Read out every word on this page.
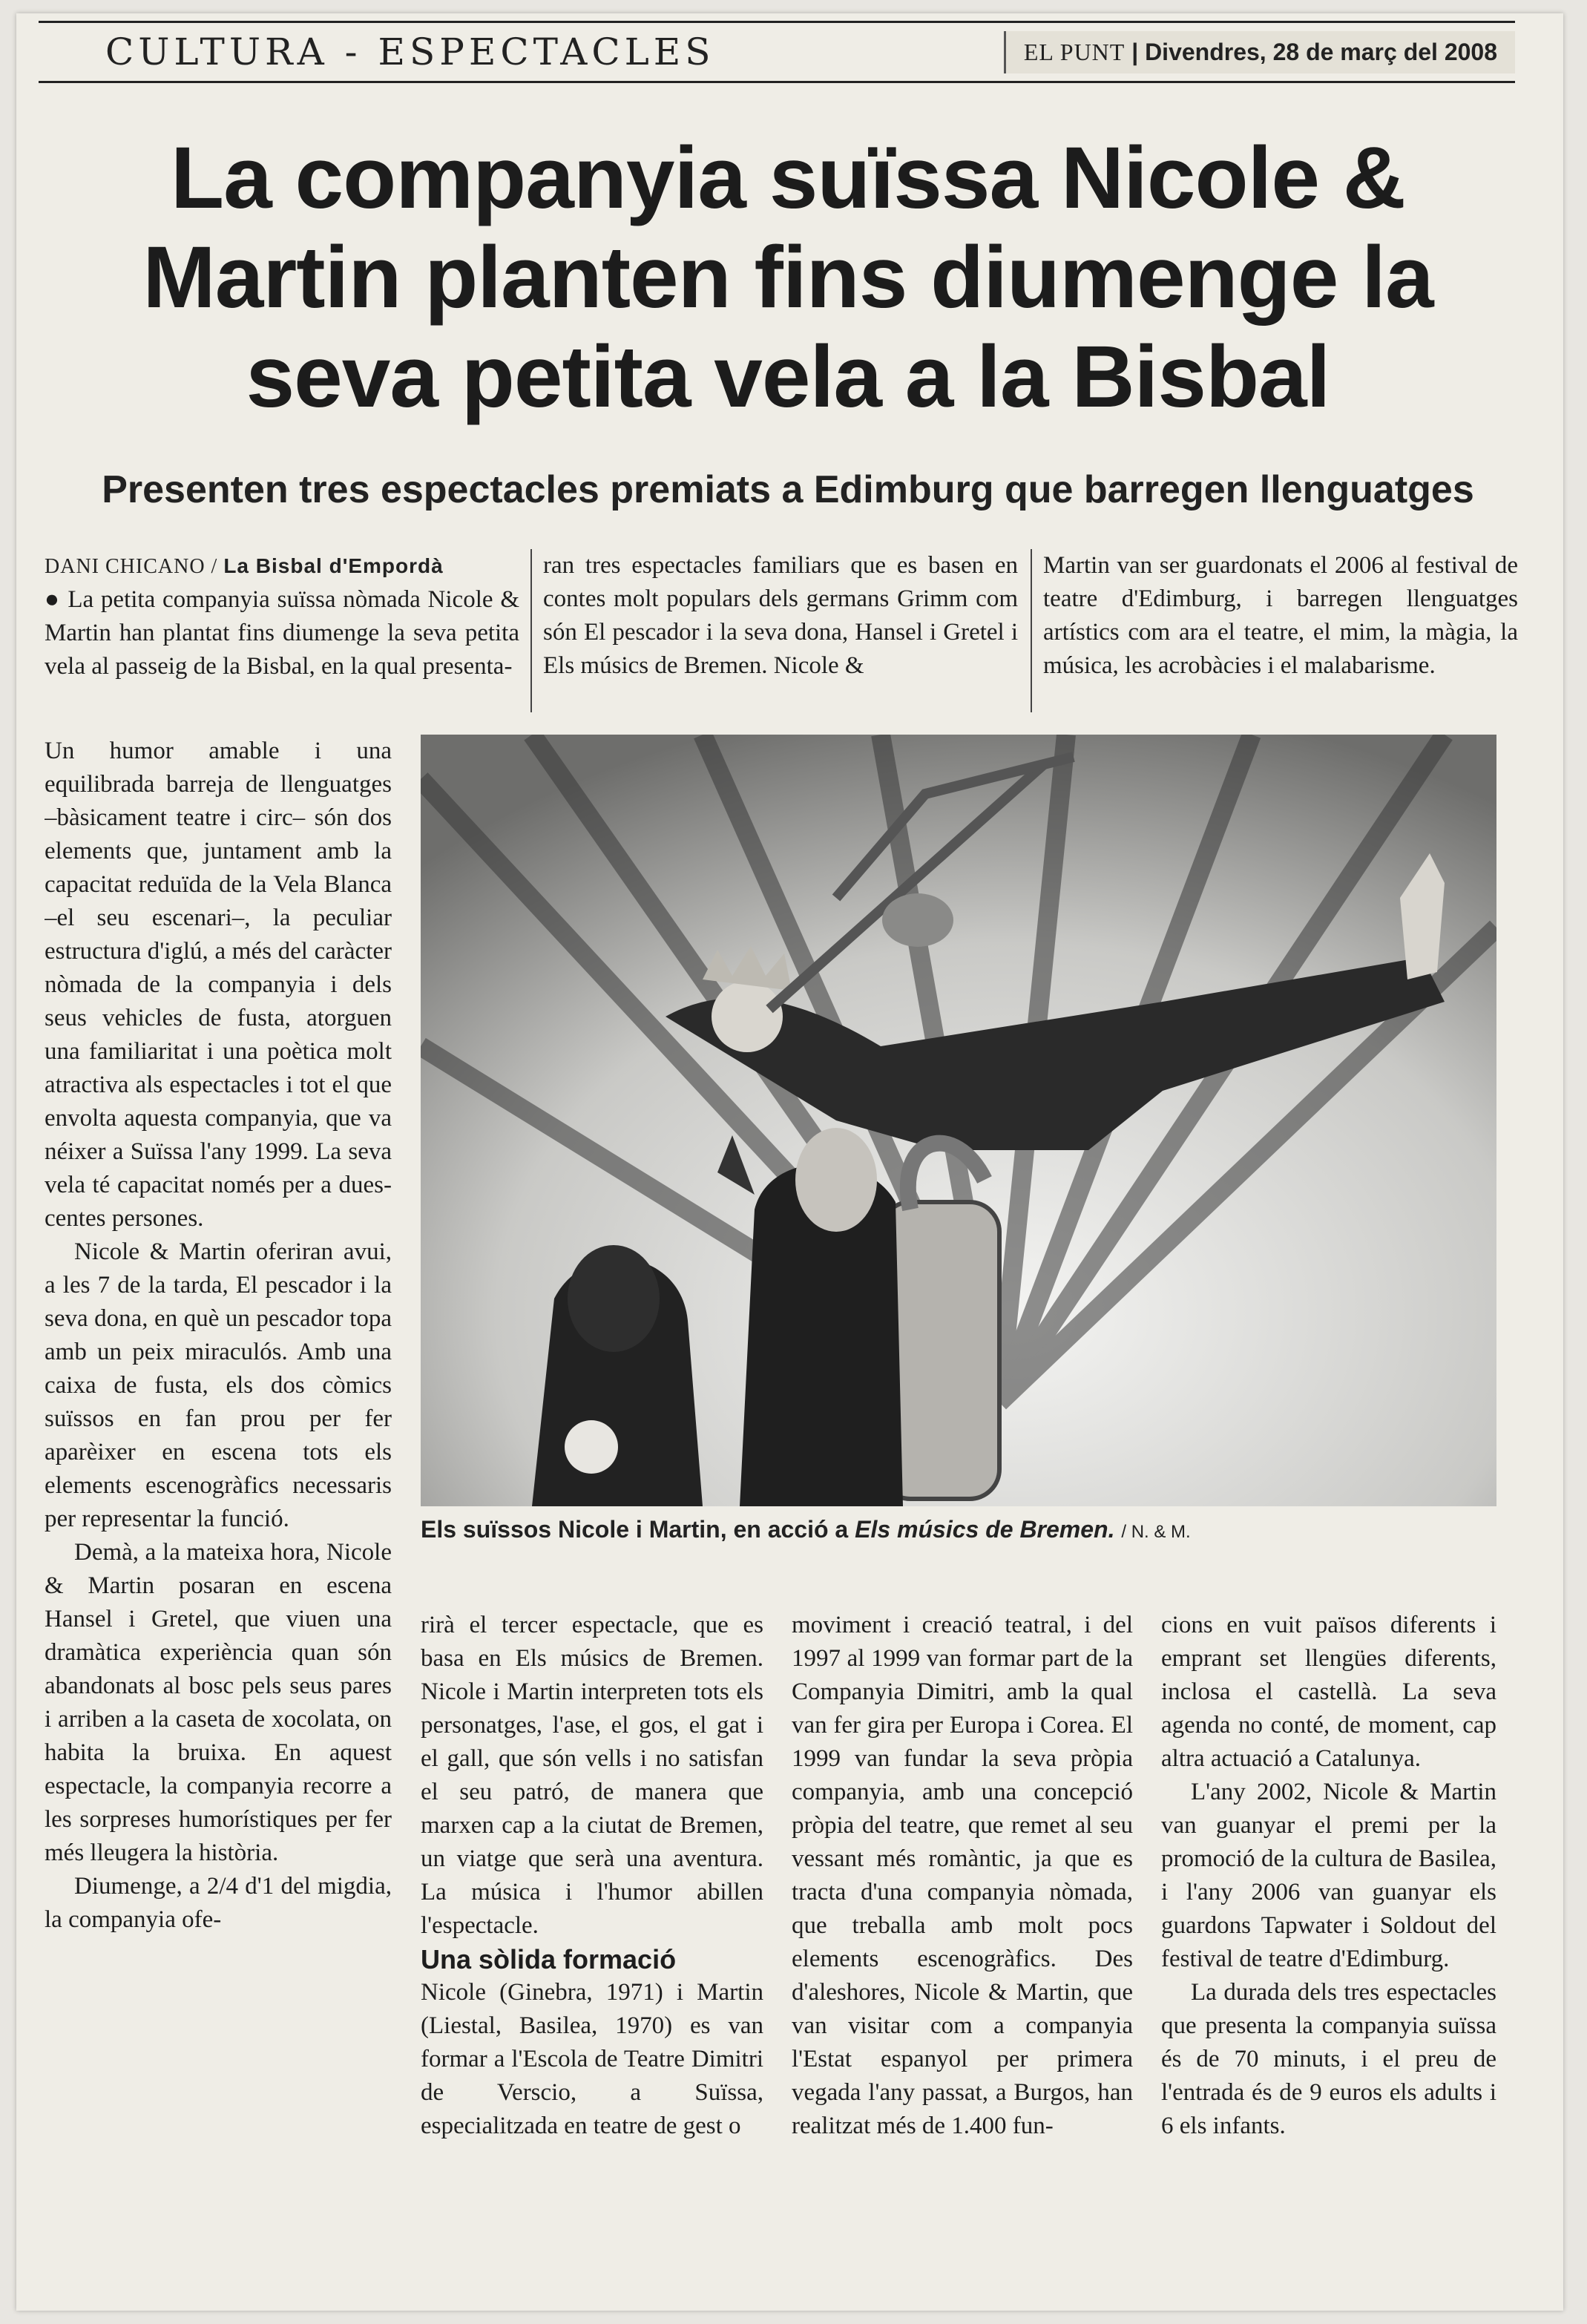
CULTURA - ESPECTACLES	EL PUNT | Divendres, 28 de març del 2008
La companyia suïssa Nicole & Martin planten fins diumenge la seva petita vela a la Bisbal
Presenten tres espectacles premiats a Edimburg que barregen llenguatges

DANI CHICANO / La Bisbal d'Empordà

● La petita companyia suïssa nòmada Nicole & Martin han plantat fins diumenge la seva petita vela al passeig de la Bisbal, en la qual presenta-

ran tres espectacles familiars que es basen en contes molt populars dels germans Grimm com són El pescador i la seva dona, Hansel i Gretel i Els músics de Bremen. Nicole &

Martin van ser guardonats el 2006 al festival de teatre d'Edimburg, i barregen llenguatges artístics com ara el teatre, el mim, la màgia, la música, les acrobàcies i el malabarisme.

Els suïssos Nicole i Martin, en acció a Els músics de Bremen. / N. & M.

Un humor amable i una equilibrada barreja de llenguatges –bàsicament teatre i circ– són dos elements que, juntament amb la capacitat reduïda de la Vela Blanca –el seu escenari–, la peculiar estructura d'iglú, a més del caràcter nòmada de la companyia i dels seus vehicles de fusta, atorguen una familiaritat i una poètica molt atractiva als espectacles i tot el que envolta aquesta companyia, que va néixer a Suïssa l'any 1999. La seva vela té capacitat només per a dues-centes persones.

Nicole & Martin oferiran avui, a les 7 de la tarda, El pescador i la seva dona, en què un pescador topa amb un peix miraculós. Amb una caixa de fusta, els dos còmics suïssos en fan prou per fer aparèixer en escena tots els elements escenogràfics necessaris per representar la funció.

Demà, a la mateixa hora, Nicole & Martin posaran en escena Hansel i Gretel, que viuen una dramàtica experiència quan són abandonats al bosc pels seus pares i arriben a la caseta de xocolata, on habita la bruixa. En aquest espectacle, la companyia recorre a les sorpreses humorístiques per fer més lleugera la història.

Diumenge, a 2/4 d'1 del migdia, la companyia ofe-

rirà el tercer espectacle, que es basa en Els músics de Bremen. Nicole i Martin interpreten tots els personatges, l'ase, el gos, el gat i el gall, que són vells i no satisfan el seu patró, de manera que marxen cap a la ciutat de Bremen, un viatge que serà una aventura. La música i l'humor abillen l'espectacle.

Una sòlida formació

Nicole (Ginebra, 1971) i Martin (Liestal, Basilea, 1970) es van formar a l'Escola de Teatre Dimitri de Verscio, a Suïssa, especialitzada en teatre de gest o

moviment i creació teatral, i del 1997 al 1999 van formar part de la Companyia Dimitri, amb la qual van fer gira per Europa i Corea. El 1999 van fundar la seva pròpia companyia, amb una concepció pròpia del teatre, que remet al seu vessant més romàntic, ja que es tracta d'una companyia nòmada, que treballa amb molt pocs elements escenogràfics. Des d'aleshores, Nicole & Martin, que van visitar com a companyia l'Estat espanyol per primera vegada l'any passat, a Burgos, han realitzat més de 1.400 fun-

cions en vuit països diferents i emprant set llengües diferents, inclosa el castellà. La seva agenda no conté, de moment, cap altra actuació a Catalunya.

L'any 2002, Nicole & Martin van guanyar el premi per la promoció de la cultura de Basilea, i l'any 2006 van guanyar els guardons Tapwater i Soldout del festival de teatre d'Edimburg.

La durada dels tres espectacles que presenta la companyia suïssa és de 70 minuts, i el preu de l'entrada és de 9 euros els adults i 6 els infants.
